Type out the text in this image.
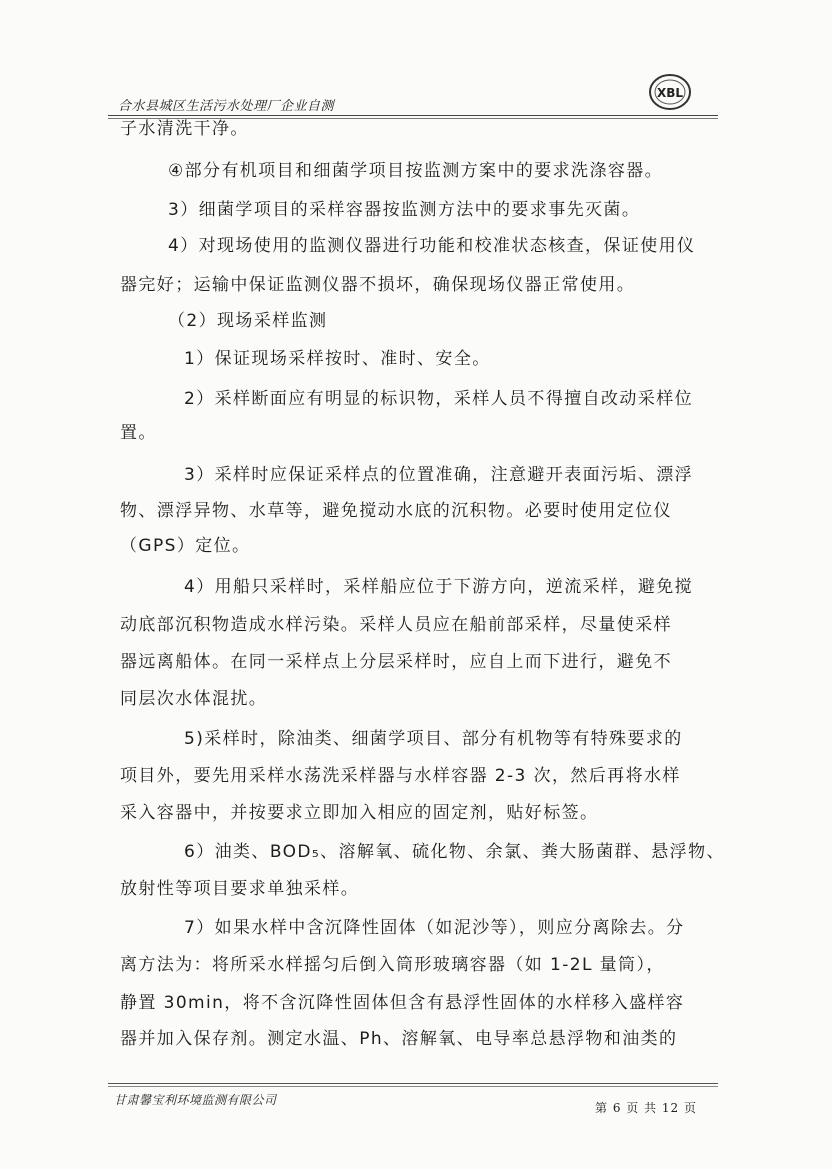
合水县城区生活污水处理厂企业自测
XBL
子水清洗干净。
④部分有机项目和细菌学项目按监测方案中的要求洗涤容器。
3）细菌学项目的采样容器按监测方法中的要求事先灭菌。
4）对现场使用的监测仪器进行功能和校准状态核查，保证使用仪
器完好；运输中保证监测仪器不损坏，确保现场仪器正常使用。
（2）现场采样监测
1）保证现场采样按时、准时、安全。
2）采样断面应有明显的标识物，采样人员不得擅自改动采样位
置。
3）采样时应保证采样点的位置准确，注意避开表面污垢、漂浮
物、漂浮异物、水草等，避免搅动水底的沉积物。必要时使用定位仪
（GPS）定位。
4）用船只采样时，采样船应位于下游方向，逆流采样，避免搅
动底部沉积物造成水样污染。采样人员应在船前部采样，尽量使采样
器远离船体。在同一采样点上分层采样时，应自上而下进行，避免不
同层次水体混扰。
5)采样时，除油类、细菌学项目、部分有机物等有特殊要求的
项目外，要先用采样水荡洗采样器与水样容器 2-3 次，然后再将水样
采入容器中，并按要求立即加入相应的固定剂，贴好标签。
6）油类、BOD₅、溶解氧、硫化物、余氯、粪大肠菌群、悬浮物、
放射性等项目要求单独采样。
7）如果水样中含沉降性固体（如泥沙等），则应分离除去。分
离方法为：将所采水样摇匀后倒入筒形玻璃容器（如 1-2L 量筒），
静置 30min，将不含沉降性固体但含有悬浮性固体的水样移入盛样容
器并加入保存剂。测定水温、Ph、溶解氧、电导率总悬浮物和油类的
甘肃馨宝利环境监测有限公司
第 6 页 共 12 页
